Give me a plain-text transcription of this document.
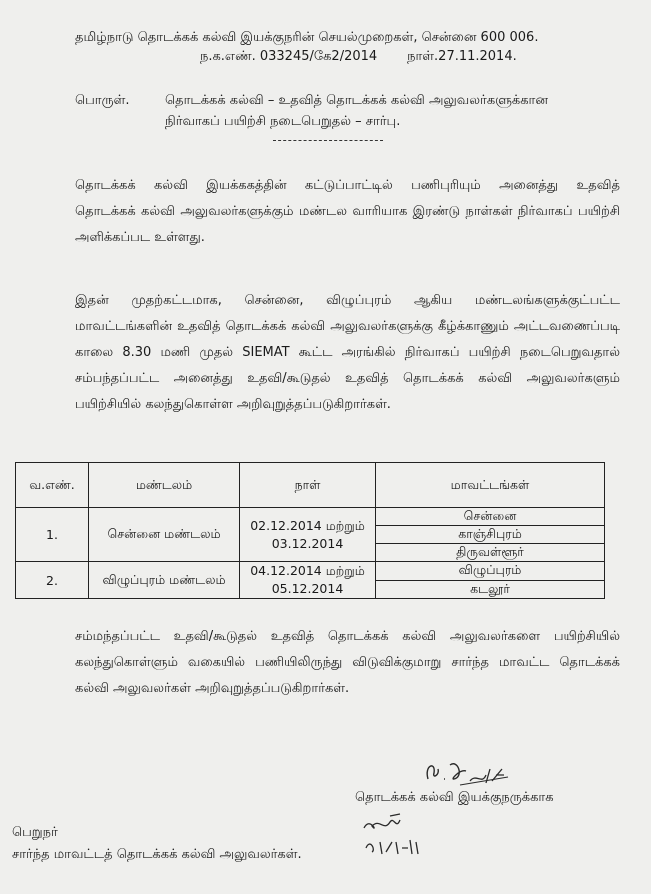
தமிழ்நாடு தொடக்கக் கல்வி இயக்குநரின் செயல்முறைகள், சென்னை 600 006.
ந.க.எண். 033245/கே2/2014 நாள்.27.11.2014.
பொருள்.	தொடக்கக் கல்வி – உதவித் தொடக்கக் கல்வி அலுவலர்களுக்கான
நிர்வாகப் பயிற்சி நடைபெறுதல் – சார்பு.
தொடக்கக் கல்வி இயக்ககத்தின் கட்டுப்பாட்டில் பணிபுரியும் அனைத்து உதவித்
தொடக்கக் கல்வி அலுவலர்களுக்கும் மண்டல வாரியாக இரண்டு நாள்கள் நிர்வாகப் பயிற்சி
அளிக்கப்பட உள்ளது.
இதன் முதற்கட்டமாக, சென்னை, விழுப்புரம் ஆகிய மண்டலங்களுக்குட்பட்ட
மாவட்டங்களின் உதவித் தொடக்கக் கல்வி அலுவலர்களுக்கு கீழ்க்காணும் அட்டவணைப்படி
காலை 8.30 மணி முதல் SIEMAT கூட்ட அரங்கில் நிர்வாகப் பயிற்சி நடைபெறுவதால்
சம்பந்தப்பட்ட அனைத்து உதவி/கூடுதல் உதவித் தொடக்கக் கல்வி அலுவலர்களும்
பயிற்சியில் கலந்துகொள்ள அறிவுறுத்தப்படுகிறார்கள்.
வ.எண்.	மண்டலம்	நாள்	மாவட்டங்கள்
1.	சென்னை மண்டலம்	02.12.2014 மற்றும்
03.12.2014	சென்னை
			காஞ்சிபுரம்
			திருவள்ளூர்
2.	விழுப்புரம் மண்டலம்	04.12.2014 மற்றும்
05.12.2014	விழுப்புரம்
			கடலூர்
சம்மந்தப்பட்ட உதவி/கூடுதல் உதவித் தொடக்கக் கல்வி அலுவலர்களை பயிற்சியில்
கலந்துகொள்ளும் வகையில் பணியிலிருந்து விடுவிக்குமாறு சார்ந்த மாவட்ட தொடக்கக்
கல்வி அலுவலர்கள் அறிவுறுத்தப்படுகிறார்கள்.
தொடக்கக் கல்வி இயக்குநருக்காக
பெறுநர்
சார்ந்த மாவட்டத் தொடக்கக் கல்வி அலுவலர்கள்.
